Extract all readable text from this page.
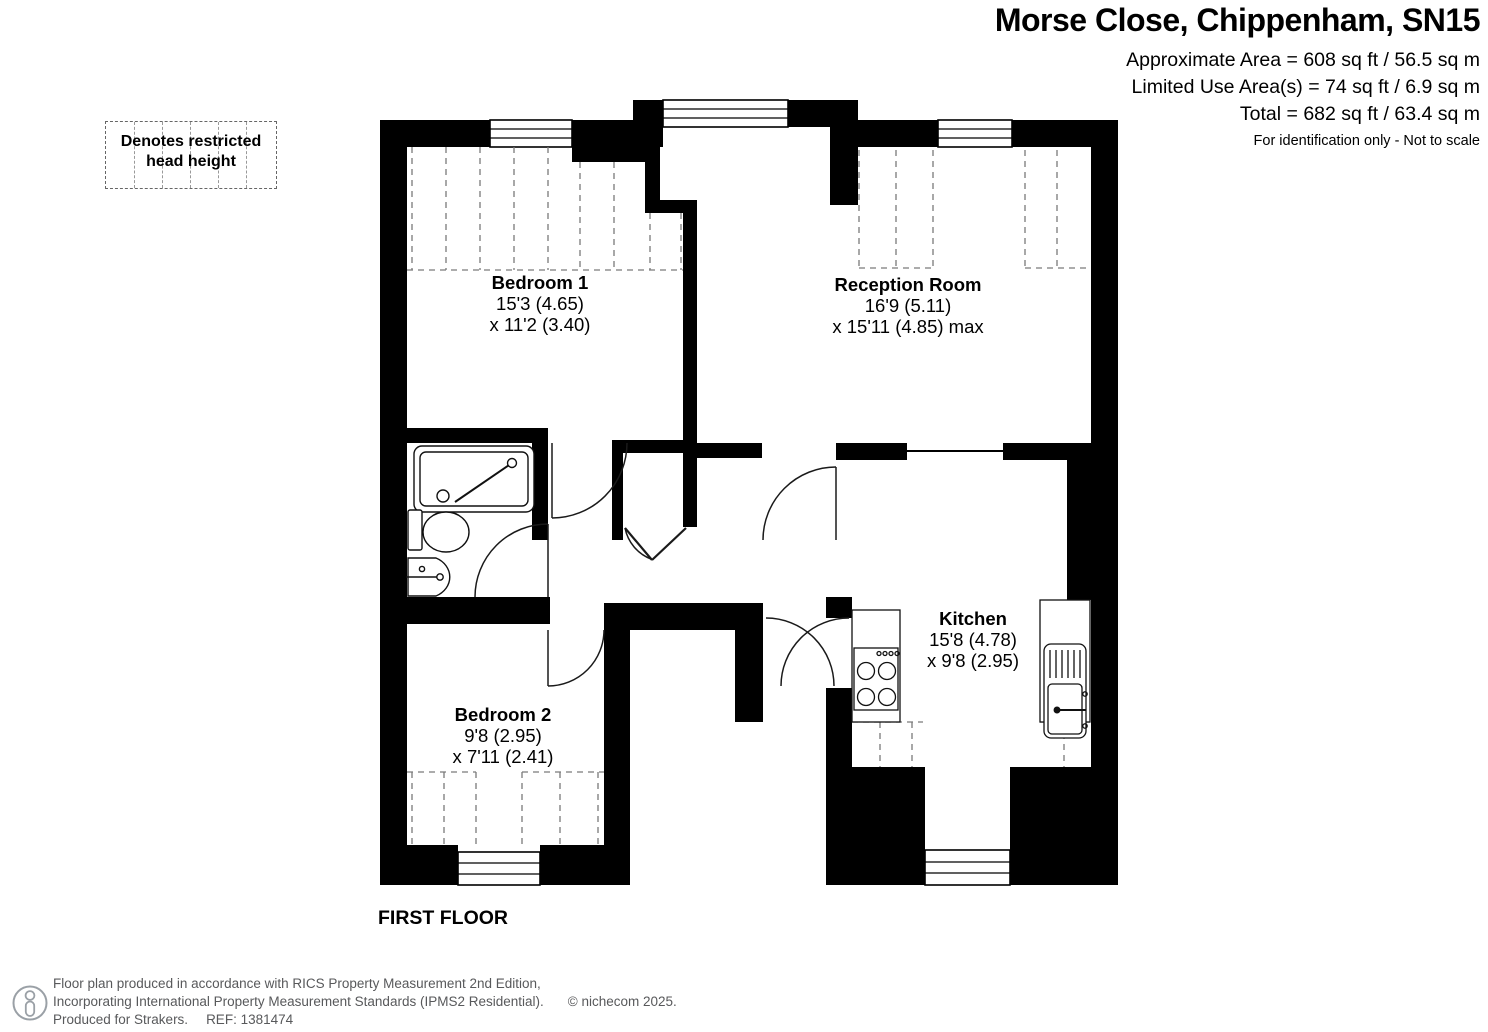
Morse Close, Chippenham, SN15
Approximate Area = 608 sq ft / 56.5 sq m
Limited Use Area(s) = 74 sq ft / 6.9 sq m
Total = 682 sq ft / 63.4 sq m
For identification only - Not to scale
Denotes restricted head height
Bedroom 1
15'3 (4.65)
x 11'2 (3.40)
Reception Room
16'9 (5.11)
x 15'11 (4.85) max
Kitchen
15'8 (4.78)
x 9'8 (2.95)
Bedroom 2
9'8 (2.95)
x 7'11 (2.41)
FIRST FLOOR
Floor plan produced in accordance with RICS Property Measurement 2nd Edition,
Incorporating International Property Measurement Standards (IPMS2 Residential). © nichecom 2025.
Produced for Strakers. REF: 1381474
